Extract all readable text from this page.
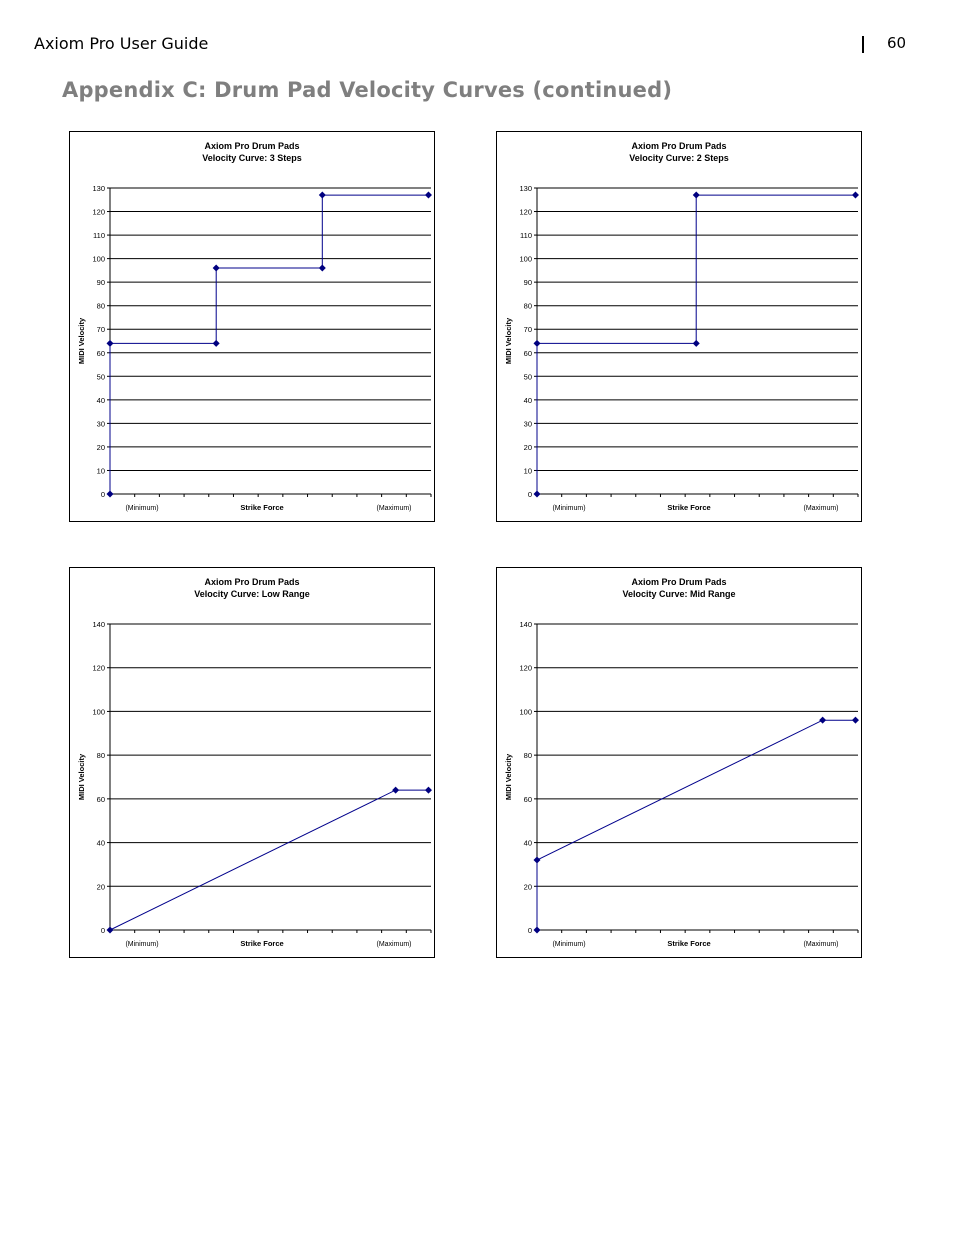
Axiom Pro User Guide	60
Appendix C: Drum Pad Velocity Curves (continued)
Axiom Pro Drum Pads
Velocity Curve: 3 Steps
0
10
20
30
40
50
60
70
80
90
100
110
120
130
(Minimum)	Strike Force	(Maximum)
MIDI Velocity
Axiom Pro Drum Pads
Velocity Curve: 2 Steps
0
10
20
30
40
50
60
70
80
90
100
110
120
130
(Minimum)	Strike Force	(Maximum)
MIDI Velocity
Axiom Pro Drum Pads
Velocity Curve: Low Range
0
20
40
60
80
100
120
140
(Minimum)	Strike Force	(Maximum)
MIDI Velocity
Axiom Pro Drum Pads
Velocity Curve: Mid Range
0
20
40
60
80
100
120
140
(Minimum)	Strike Force	(Maximum)
MIDI Velocity
